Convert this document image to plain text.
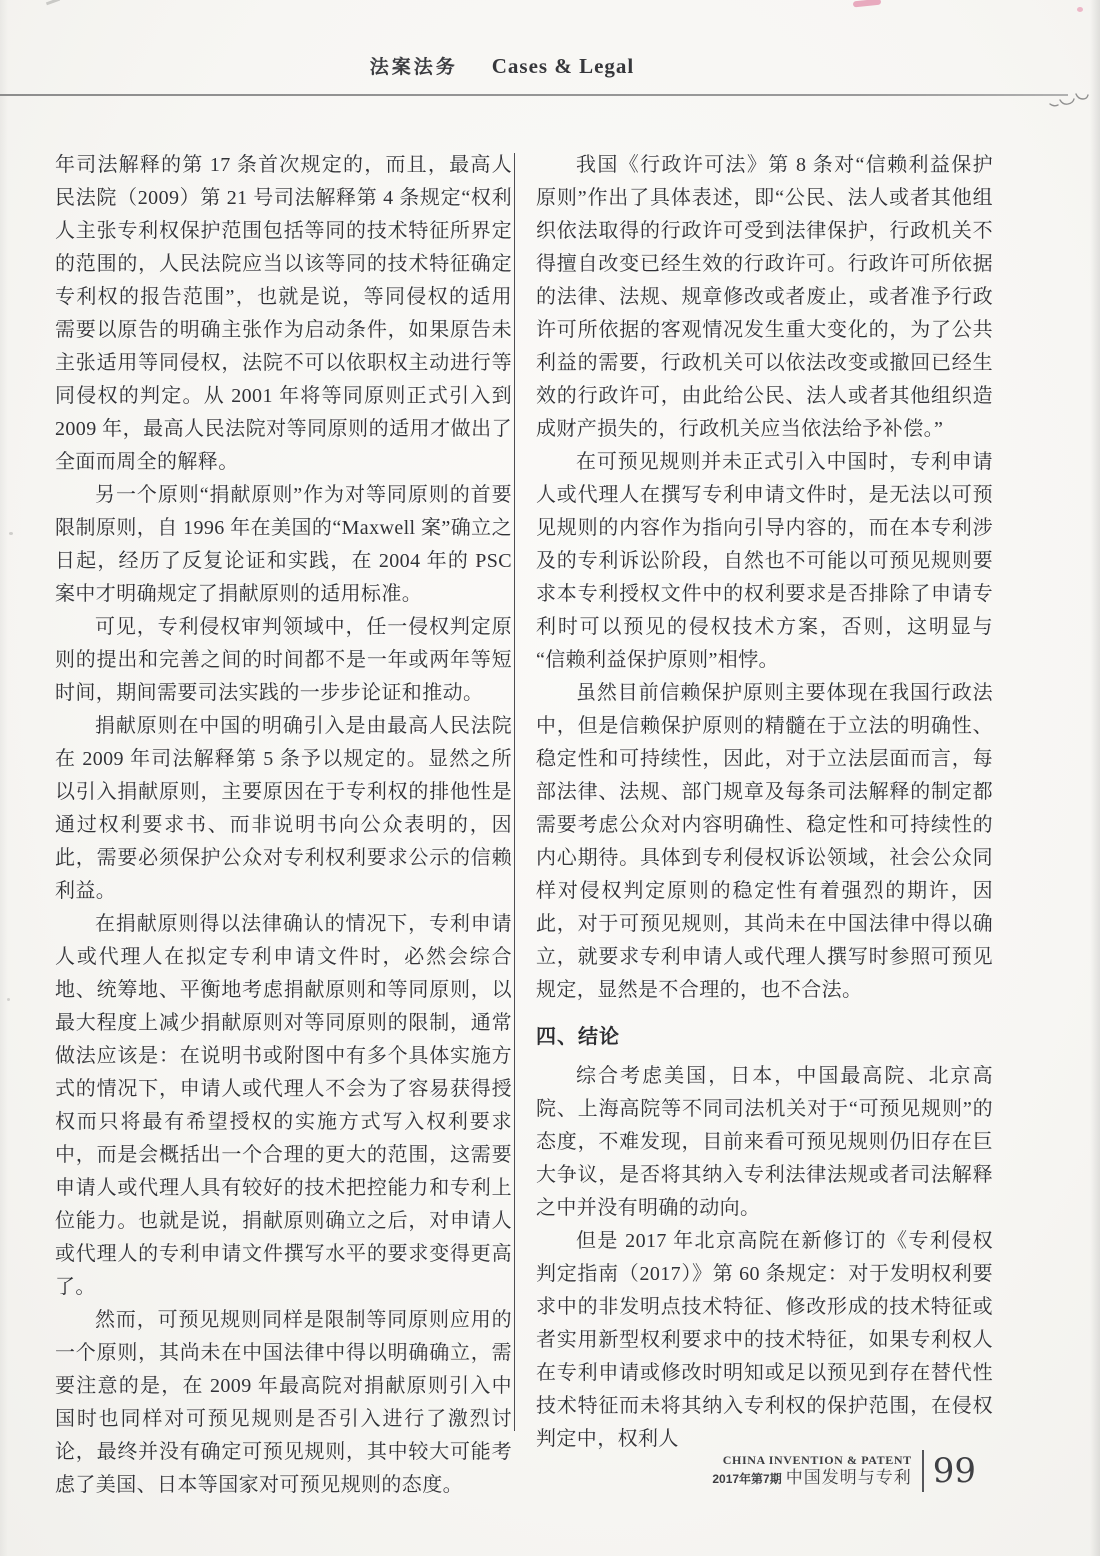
法案法务 Cases & Legal

年司法解释的第 17 条首次规定的，而且，最高人民法院（2009）第 21 号司法解释第 4 条规定“权利人主张专利权保护范围包括等同的技术特征所界定的范围的，人民法院应当以该等同的技术特征确定专利权的报告范围”，也就是说，等同侵权的适用需要以原告的明确主张作为启动条件，如果原告未主张适用等同侵权，法院不可以依职权主动进行等同侵权的判定。从 2001 年将等同原则正式引入到 2009 年，最高人民法院对等同原则的适用才做出了全面而周全的解释。

另一个原则“捐献原则”作为对等同原则的首要限制原则，自 1996 年在美国的“Maxwell 案”确立之日起，经历了反复论证和实践，在 2004 年的 PSC 案中才明确规定了捐献原则的适用标准。

可见，专利侵权审判领域中，任一侵权判定原则的提出和完善之间的时间都不是一年或两年等短时间，期间需要司法实践的一步步论证和推动。

捐献原则在中国的明确引入是由最高人民法院在 2009 年司法解释第 5 条予以规定的。显然之所以引入捐献原则，主要原因在于专利权的排他性是通过权利要求书、而非说明书向公众表明的，因此，需要必须保护公众对专利权利要求公示的信赖利益。

在捐献原则得以法律确认的情况下，专利申请人或代理人在拟定专利申请文件时，必然会综合地、统筹地、平衡地考虑捐献原则和等同原则，以最大程度上减少捐献原则对等同原则的限制，通常做法应该是：在说明书或附图中有多个具体实施方式的情况下，申请人或代理人不会为了容易获得授权而只将最有希望授权的实施方式写入权利要求中，而是会概括出一个合理的更大的范围，这需要申请人或代理人具有较好的技术把控能力和专利上位能力。也就是说，捐献原则确立之后，对申请人或代理人的专利申请文件撰写水平的要求变得更高了。

然而，可预见规则同样是限制等同原则应用的一个原则，其尚未在中国法律中得以明确确立，需要注意的是，在 2009 年最高院对捐献原则引入中国时也同样对可预见规则是否引入进行了激烈讨论，最终并没有确定可预见规则，其中较大可能考虑了美国、日本等国家对可预见规则的态度。

我国《行政许可法》第 8 条对“信赖利益保护原则”作出了具体表述，即“公民、法人或者其他组织依法取得的行政许可受到法律保护，行政机关不得擅自改变已经生效的行政许可。行政许可所依据的法律、法规、规章修改或者废止，或者准予行政许可所依据的客观情况发生重大变化的，为了公共利益的需要，行政机关可以依法改变或撤回已经生效的行政许可，由此给公民、法人或者其他组织造成财产损失的，行政机关应当依法给予补偿。”

在可预见规则并未正式引入中国时，专利申请人或代理人在撰写专利申请文件时，是无法以可预见规则的内容作为指向引导内容的，而在本专利涉及的专利诉讼阶段，自然也不可能以可预见规则要求本专利授权文件中的权利要求是否排除了申请专利时可以预见的侵权技术方案，否则，这明显与“信赖利益保护原则”相悖。

虽然目前信赖保护原则主要体现在我国行政法中，但是信赖保护原则的精髓在于立法的明确性、稳定性和可持续性，因此，对于立法层面而言，每部法律、法规、部门规章及每条司法解释的制定都需要考虑公众对内容明确性、稳定性和可持续性的内心期待。具体到专利侵权诉讼领域，社会公众同样对侵权判定原则的稳定性有着强烈的期许，因此，对于可预见规则，其尚未在中国法律中得以确立，就要求专利申请人或代理人撰写时参照可预见规定，显然是不合理的，也不合法。

四、结论

综合考虑美国，日本，中国最高院、北京高院、上海高院等不同司法机关对于“可预见规则”的态度，不难发现，目前来看可预见规则仍旧存在巨大争议，是否将其纳入专利法律法规或者司法解释之中并没有明确的动向。

但是 2017 年北京高院在新修订的《专利侵权判定指南（2017）》第 60 条规定：对于发明权利要求中的非发明点技术特征、修改形成的技术特征或者实用新型权利要求中的技术特征，如果专利权人在专利申请或修改时明知或足以预见到存在替代性技术特征而未将其纳入专利权的保护范围，在侵权判定中，权利人

CHINA INVENTION & PATENT
2017年第7期 中国发明与专利 99
